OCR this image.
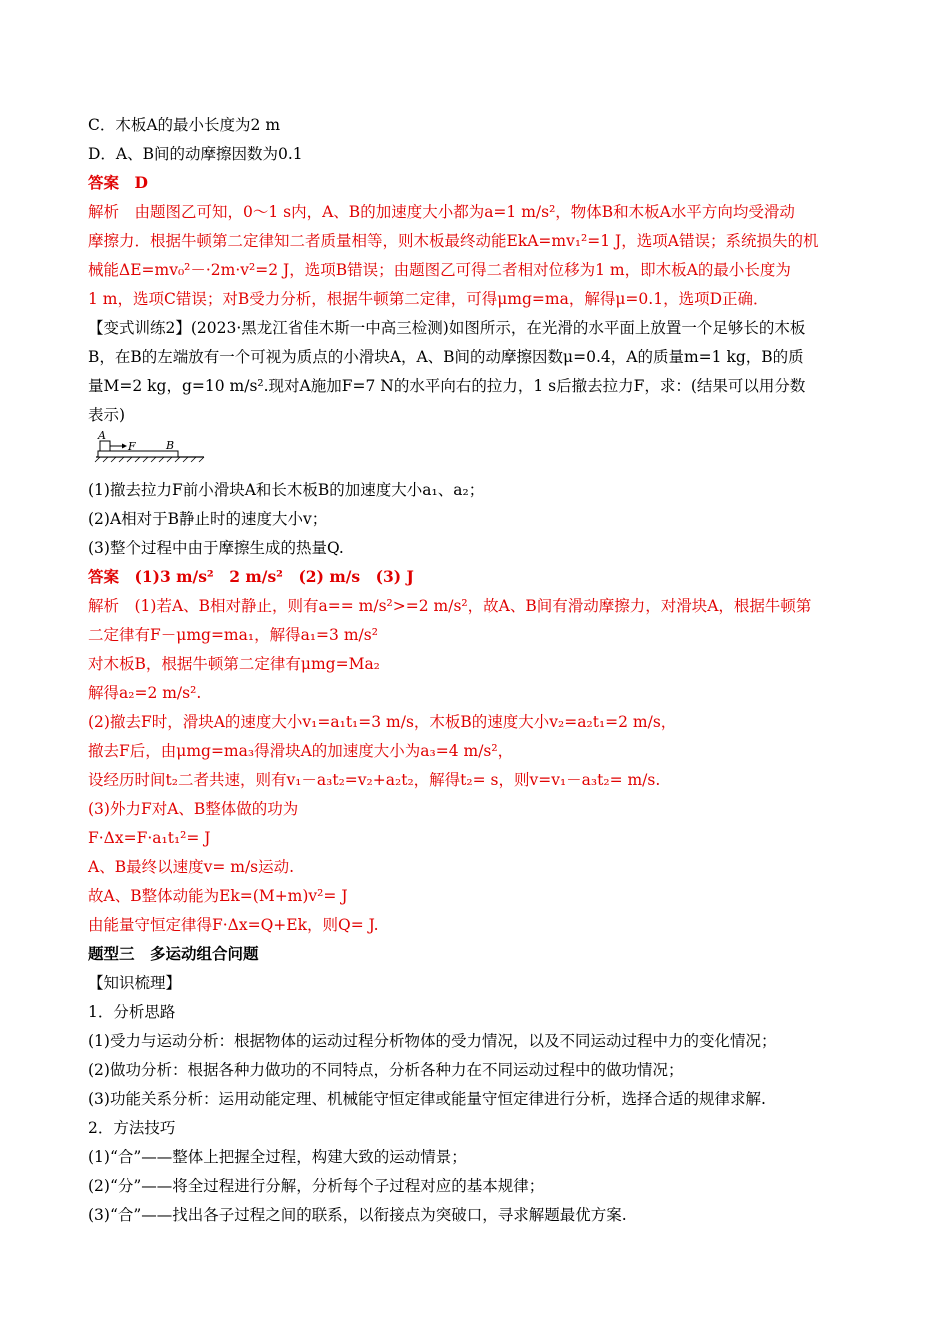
C．木板A的最小长度为2 m
D．A、B间的动摩擦因数为0.1
答案　D
解析　由题图乙可知，0～1 s内，A、B的加速度大小都为a=1 m/s²，物体B和木板A水平方向均受滑动
摩擦力．根据牛顿第二定律知二者质量相等，则木板最终动能EkA=mv₁²=1 J，选项A错误；系统损失的机
械能ΔE=mv₀²－·2m·v²=2 J，选项B错误；由题图乙可得二者相对位移为1 m，即木板A的最小长度为
1 m，选项C错误；对B受力分析，根据牛顿第二定律，可得μmg=ma，解得μ=0.1，选项D正确．
【变式训练2】(2023·黑龙江省佳木斯一中高三检测)如图所示，在光滑的水平面上放置一个足够长的木板
B，在B的左端放有一个可视为质点的小滑块A，A、B间的动摩擦因数μ=0.4，A的质量m=1 kg，B的质
量M=2 kg，g=10 m/s².现对A施加F=7 N的水平向右的拉力，1 s后撤去拉力F，求：(结果可以用分数
表示)
(1)撤去拉力F前小滑块A和长木板B的加速度大小a₁、a₂；
(2)A相对于B静止时的速度大小v；
(3)整个过程中由于摩擦生成的热量Q.
答案　(1)3 m/s²　2 m/s²　(2) m/s　(3) J
解析　(1)若A、B相对静止，则有a== m/s²>=2 m/s²，故A、B间有滑动摩擦力，对滑块A，根据牛顿第
二定律有F－μmg=ma₁，解得a₁=3 m/s²
对木板B，根据牛顿第二定律有μmg=Ma₂
解得a₂=2 m/s².
(2)撤去F时，滑块A的速度大小v₁=a₁t₁=3 m/s，木板B的速度大小v₂=a₂t₁=2 m/s，
撤去F后，由μmg=ma₃得滑块A的加速度大小为a₃=4 m/s²，
设经历时间t₂二者共速，则有v₁－a₃t₂=v₂+a₂t₂，解得t₂= s，则v=v₁－a₃t₂= m/s.
(3)外力F对A、B整体做的功为
F·Δx=F·a₁t₁²= J
A、B最终以速度v= m/s运动.
故A、B整体动能为Ek=(M+m)v²= J
由能量守恒定律得F·Δx=Q+Ek，则Q= J.
题型三　多运动组合问题
【知识梳理】
1．分析思路
(1)受力与运动分析：根据物体的运动过程分析物体的受力情况，以及不同运动过程中力的变化情况；
(2)做功分析：根据各种力做功的不同特点，分析各种力在不同运动过程中的做功情况；
(3)功能关系分析：运用动能定理、机械能守恒定律或能量守恒定律进行分析，选择合适的规律求解.
2．方法技巧
(1)“合”——整体上把握全过程，构建大致的运动情景；
(2)“分”——将全过程进行分解，分析每个子过程对应的基本规律；
(3)“合”——找出各子过程之间的联系，以衔接点为突破口，寻求解题最优方案.
A
F	B
